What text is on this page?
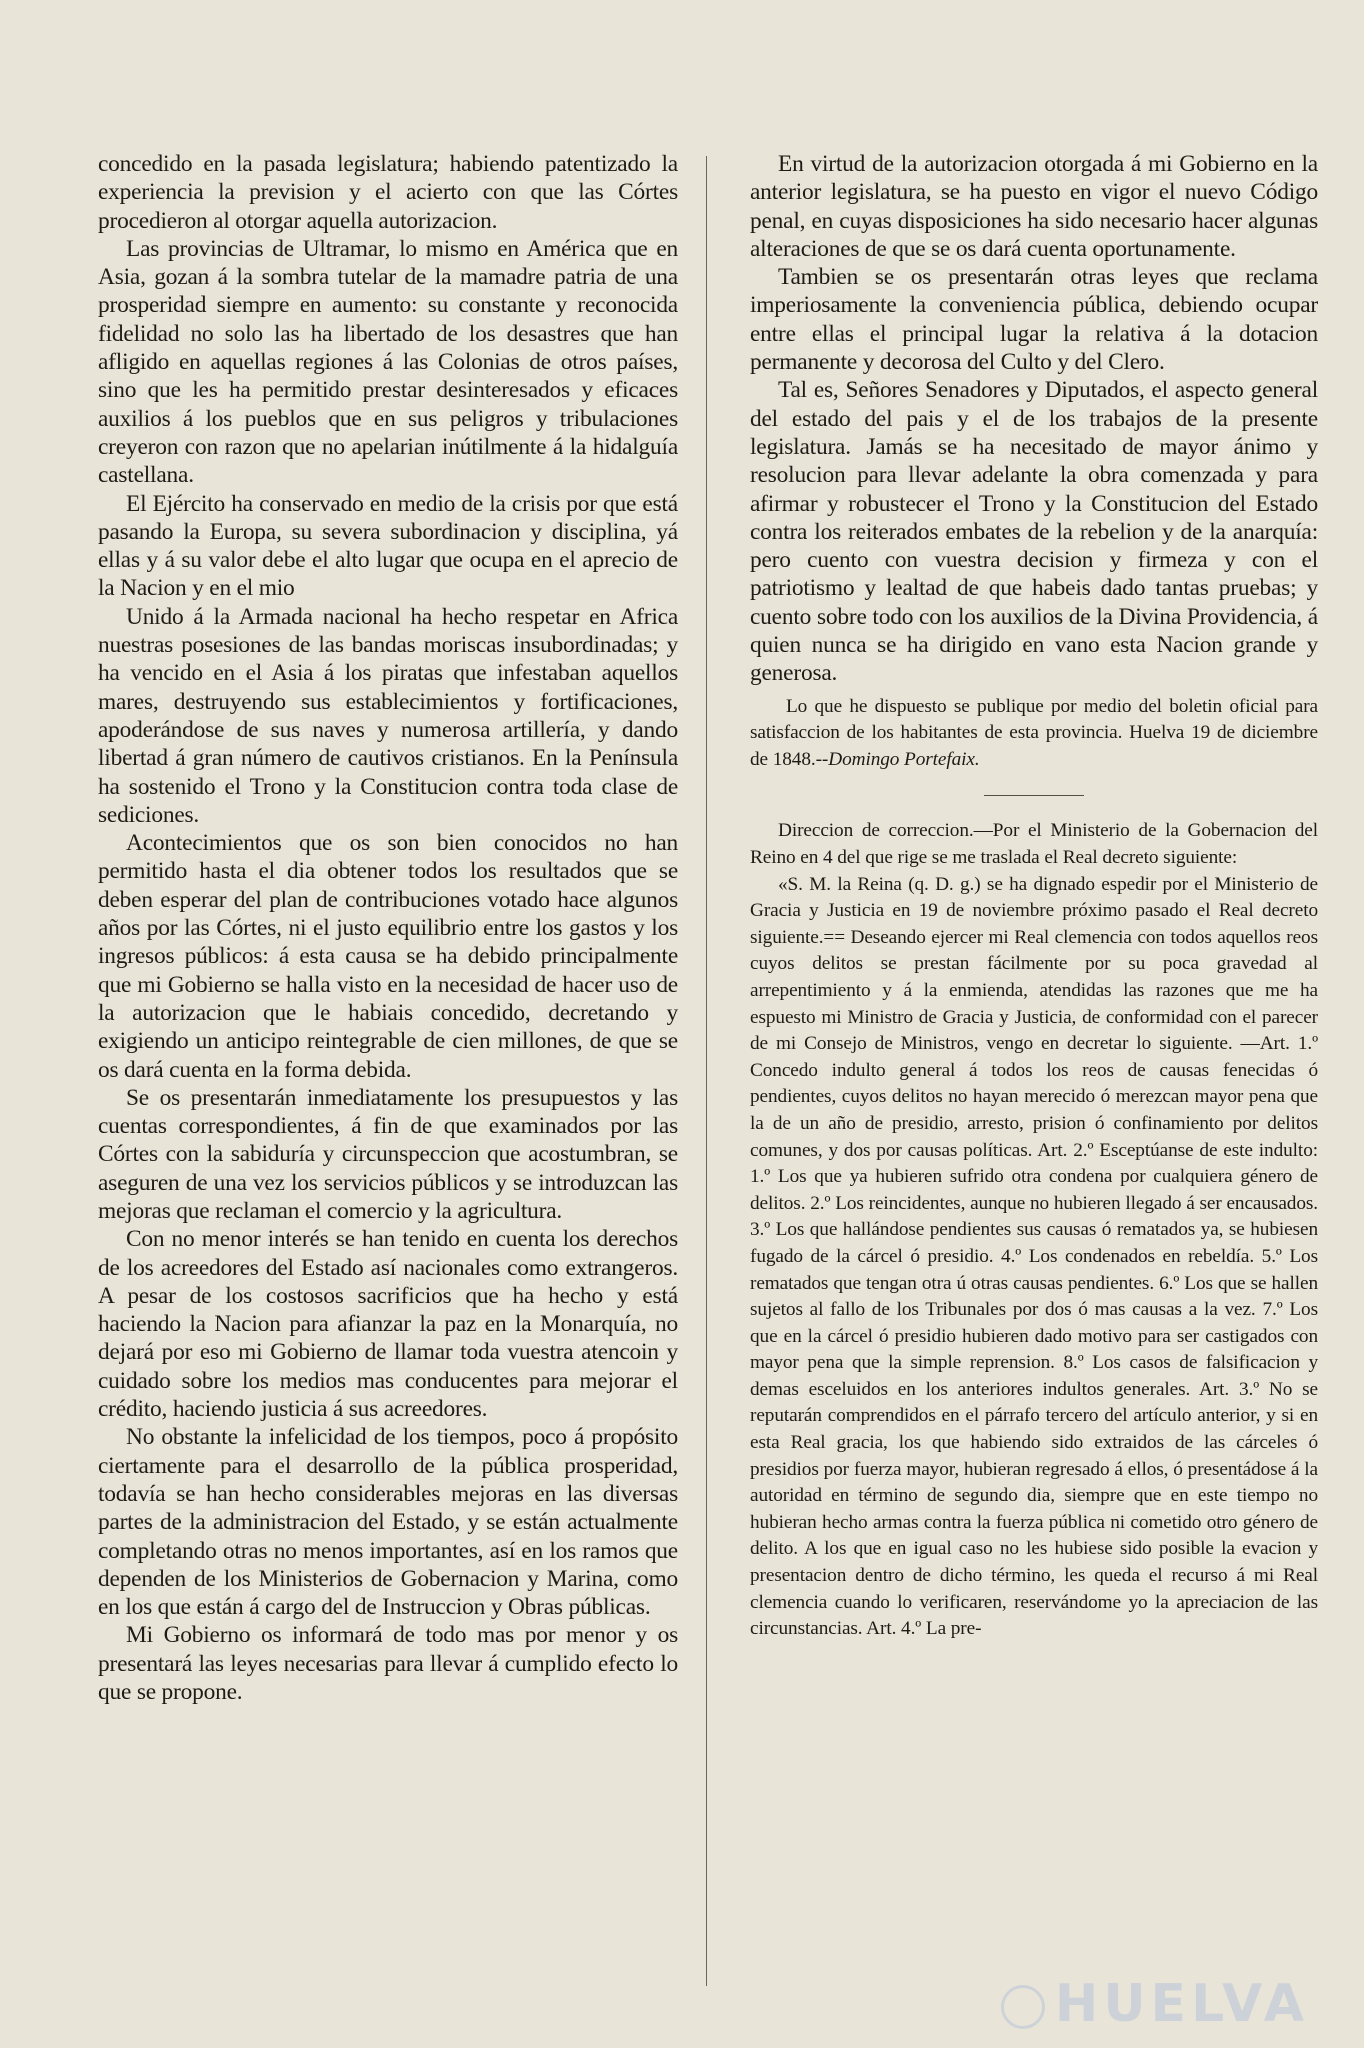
concedido en la pasada legislatura; habiendo patentizado la experiencia la prevision y el acierto con que las Córtes procedieron al otorgar aquella autorizacion.

Las provincias de Ultramar, lo mismo en América que en Asia, gozan á la sombra tutelar de la mamadre patria de una prosperidad siempre en aumento: su constante y reconocida fidelidad no solo las ha libertado de los desastres que han afligido en aquellas regiones á las Colonias de otros países, sino que les ha permitido prestar desinteresados y eficaces auxilios á los pueblos que en sus peligros y tribulaciones creyeron con razon que no apelarian inútilmente á la hidalguía castellana.

El Ejército ha conservado en medio de la crisis por que está pasando la Europa, su severa subordinacion y disciplina, yá ellas y á su valor debe el alto lugar que ocupa en el aprecio de la Nacion y en el mio

Unido á la Armada nacional ha hecho respetar en Africa nuestras posesiones de las bandas moriscas insubordinadas; y ha vencido en el Asia á los piratas que infestaban aquellos mares, destruyendo sus establecimientos y fortificaciones, apoderándose de sus naves y numerosa artillería, y dando libertad á gran número de cautivos cristianos. En la Península ha sostenido el Trono y la Constitucion contra toda clase de sediciones.

Acontecimientos que os son bien conocidos no han permitido hasta el dia obtener todos los resultados que se deben esperar del plan de contribuciones votado hace algunos años por las Córtes, ni el justo equilibrio entre los gastos y los ingresos públicos: á esta causa se ha debido principalmente que mi Gobierno se halla visto en la necesidad de hacer uso de la autorizacion que le habiais concedido, decretando y exigiendo un anticipo reintegrable de cien millones, de que se os dará cuenta en la forma debida.

Se os presentarán inmediatamente los presupuestos y las cuentas correspondientes, á fin de que examinados por las Córtes con la sabiduría y circunspeccion que acostumbran, se aseguren de una vez los servicios públicos y se introduzcan las mejoras que reclaman el comercio y la agricultura.

Con no menor interés se han tenido en cuenta los derechos de los acreedores del Estado así nacionales como extrangeros. A pesar de los costosos sacrificios que ha hecho y está haciendo la Nacion para afianzar la paz en la Monarquía, no dejará por eso mi Gobierno de llamar toda vuestra atencoin y cuidado sobre los medios mas conducentes para mejorar el crédito, haciendo justicia á sus acreedores.

No obstante la infelicidad de los tiempos, poco á propósito ciertamente para el desarrollo de la pública prosperidad, todavía se han hecho considerables mejoras en las diversas partes de la administracion del Estado, y se están actualmente completando otras no menos importantes, así en los ramos que dependen de los Ministerios de Gobernacion y Marina, como en los que están á cargo del de Instruccion y Obras públicas.

Mi Gobierno os informará de todo mas por menor y os presentará las leyes necesarias para llevar á cumplido efecto lo que se propone.

En virtud de la autorizacion otorgada á mi Gobierno en la anterior legislatura, se ha puesto en vigor el nuevo Código penal, en cuyas disposiciones ha sido necesario hacer algunas alteraciones de que se os dará cuenta oportunamente.

Tambien se os presentarán otras leyes que reclama imperiosamente la conveniencia pública, debiendo ocupar entre ellas el principal lugar la relativa á la dotacion permanente y decorosa del Culto y del Clero.

Tal es, Señores Senadores y Diputados, el aspecto general del estado del pais y el de los trabajos de la presente legislatura. Jamás se ha necesitado de mayor ánimo y resolucion para llevar adelante la obra comenzada y para afirmar y robustecer el Trono y la Constitucion del Estado contra los reiterados embates de la rebelion y de la anarquía: pero cuento con vuestra decision y firmeza y con el patriotismo y lealtad de que habeis dado tantas pruebas; y cuento sobre todo con los auxilios de la Divina Providencia, á quien nunca se ha dirigido en vano esta Nacion grande y generosa.

Lo que he dispuesto se publique por medio del boletin oficial para satisfaccion de los habitantes de esta provincia. Huelva 19 de diciembre de 1848.--Domingo Portefaix.

Direccion de correccion.—Por el Ministerio de la Gobernacion del Reino en 4 del que rige se me traslada el Real decreto siguiente:

«S. M. la Reina (q. D. g.) se ha dignado espedir por el Ministerio de Gracia y Justicia en 19 de noviembre próximo pasado el Real decreto siguiente.== Deseando ejercer mi Real clemencia con todos aquellos reos cuyos delitos se prestan fácilmente por su poca gravedad al arrepentimiento y á la enmienda, atendidas las razones que me ha espuesto mi Ministro de Gracia y Justicia, de conformidad con el parecer de mi Consejo de Ministros, vengo en decretar lo siguiente. —Art. 1.º Concedo indulto general á todos los reos de causas fenecidas ó pendientes, cuyos delitos no hayan merecido ó merezcan mayor pena que la de un año de presidio, arresto, prision ó confinamiento por delitos comunes, y dos por causas políticas. Art. 2.º Esceptúanse de este indulto: 1.º Los que ya hubieren sufrido otra condena por cualquiera género de delitos. 2.º Los reincidentes, aunque no hubieren llegado á ser encausados. 3.º Los que hallándose pendientes sus causas ó rematados ya, se hubiesen fugado de la cárcel ó presidio. 4.º Los condenados en rebeldía. 5.º Los rematados que tengan otra ú otras causas pendientes. 6.º Los que se hallen sujetos al fallo de los Tribunales por dos ó mas causas a la vez. 7.º Los que en la cárcel ó presidio hubieren dado motivo para ser castigados con mayor pena que la simple reprension. 8.º Los casos de falsificacion y demas esceluidos en los anteriores indultos generales. Art. 3.º No se reputarán comprendidos en el párrafo tercero del artículo anterior, y si en esta Real gracia, los que habiendo sido extraidos de las cárceles ó presidios por fuerza mayor, hubieran regresado á ellos, ó presentádose á la autoridad en término de segundo dia, siempre que en este tiempo no hubieran hecho armas contra la fuerza pública ni cometido otro género de delito. A los que en igual caso no les hubiese sido posible la evacion y presentacion dentro de dicho término, les queda el recurso á mi Real clemencia cuando lo verificaren, reservándome yo la apreciacion de las circunstancias. Art. 4.º La pre-

HUELVA
